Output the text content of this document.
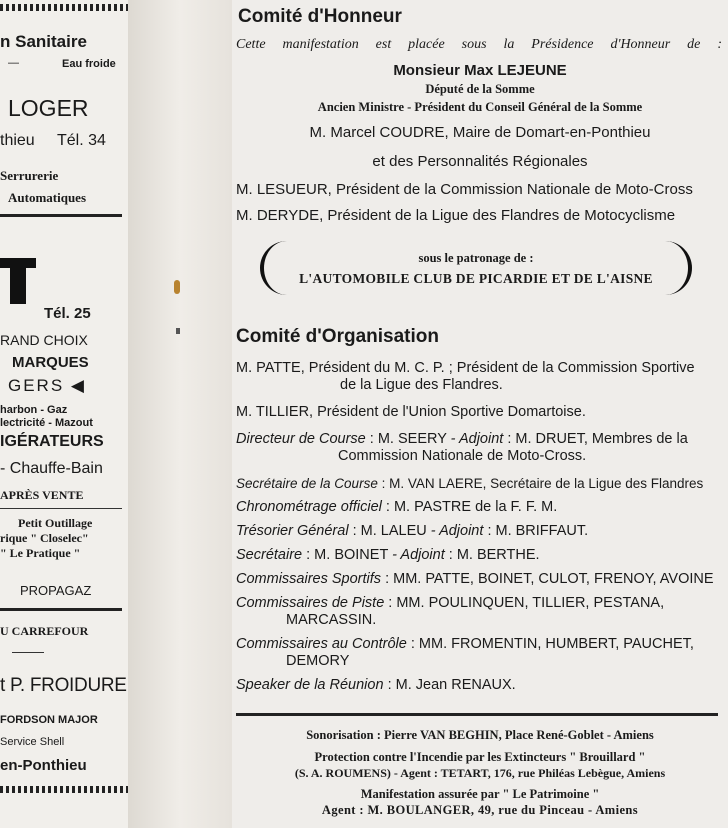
n Sanitaire
—	Eau froide
LOGER
thieu Tél. 34
Serrurerie
Automatiques
Tél. 25
RAND CHOIX
MARQUES
GERS ◀
harbon - Gaz
lectricité - Mazout
IGÉRATEURS
- Chauffe-Bain
APRÈS VENTE
Petit Outillage
rique " Closelec"
" Le Pratique "
PROPAGAZ
U CARREFOUR
t P. FROIDURE
FORDSON MAJOR
Service Shell
en-Ponthieu
Comité d'Honneur
Cette manifestation est placée sous la Présidence d'Honneur de :
Monsieur Max LEJEUNE
Député de la Somme
Ancien Ministre - Président du Conseil Général de la Somme
M. Marcel COUDRE, Maire de Domart-en-Ponthieu
et des Personnalités Régionales
M. LESUEUR, Président de la Commission Nationale de Moto-Cross
M. DERYDE, Président de la Ligue des Flandres de Motocyclisme
sous le patronage de :
L'AUTOMOBILE CLUB DE PICARDIE ET DE L'AISNE
Comité d'Organisation
M. PATTE, Président du M. C. P. ; Président de la Commission Sportive
de la Ligue des Flandres.
M. TILLIER, Président de l'Union Sportive Domartoise.
Directeur de Course : M. SEERY - Adjoint : M. DRUET, Membres de la
Commission Nationale de Moto-Cross.
Secrétaire de la Course : M. VAN LAERE, Secrétaire de la Ligue des Flandres
Chronométrage officiel : M. PASTRE de la F. F. M.
Trésorier Général : M. LALEU - Adjoint : M. BRIFFAUT.
Secrétaire : M. BOINET - Adjoint : M. BERTHE.
Commissaires Sportifs : MM. PATTE, BOINET, CULOT, FRENOY, AVOINE
Commissaires de Piste : MM. POULINQUEN, TILLIER, PESTANA,
MARCASSIN.
Commissaires au Contrôle : MM. FROMENTIN, HUMBERT, PAUCHET,
DEMORY
Speaker de la Réunion : M. Jean RENAUX.
Sonorisation : Pierre VAN BEGHIN, Place René-Goblet - Amiens
Protection contre l'Incendie par les Extincteurs " Brouillard "
(S. A. ROUMENS) - Agent : TETART, 176, rue Philéas Lebègue, Amiens
Manifestation assurée par " Le Patrimoine "
Agent : M. BOULANGER, 49, rue du Pinceau - Amiens
